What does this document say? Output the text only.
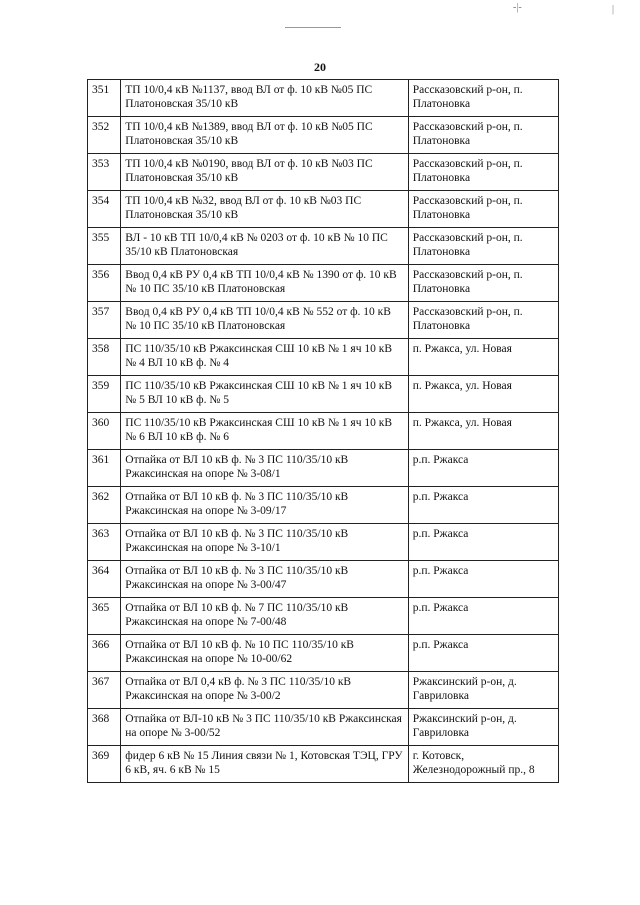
-|-	|
20
351	ТП 10/0,4 кВ №1137, ввод ВЛ от ф. 10 кВ №05 ПС Платоновская 35/10 кВ	Рассказовский р-он, п. Платоновка
352	ТП 10/0,4 кВ №1389, ввод ВЛ от ф. 10 кВ №05 ПС Платоновская 35/10 кВ	Рассказовский р-он, п. Платоновка
353	ТП 10/0,4 кВ №0190, ввод ВЛ от ф. 10 кВ №03 ПС Платоновская 35/10 кВ	Рассказовский р-он, п. Платоновка
354	ТП 10/0,4 кВ №32, ввод ВЛ от ф. 10 кВ №03 ПС Платоновская 35/10 кВ	Рассказовский р-он, п. Платоновка
355	ВЛ - 10 кВ ТП 10/0,4 кВ № 0203 от ф. 10 кВ № 10 ПС 35/10 кВ Платоновская	Рассказовский р-он, п. Платоновка
356	Ввод 0,4 кВ РУ 0,4 кВ ТП 10/0,4 кВ № 1390 от ф. 10 кВ № 10 ПС 35/10 кВ Платоновская	Рассказовский р-он, п. Платоновка
357	Ввод 0,4 кВ РУ 0,4 кВ ТП 10/0,4 кВ № 552 от ф. 10 кВ № 10 ПС 35/10 кВ Платоновская	Рассказовский р-он, п. Платоновка
358	ПС 110/35/10 кВ Ржаксинская СШ 10 кВ № 1 яч 10 кВ № 4 ВЛ 10 кВ ф. № 4	п. Ржакса, ул. Новая
359	ПС 110/35/10 кВ Ржаксинская СШ 10 кВ № 1 яч 10 кВ № 5 ВЛ 10 кВ ф. № 5	п. Ржакса, ул. Новая
360	ПС 110/35/10 кВ Ржаксинская СШ 10 кВ № 1 яч 10 кВ № 6 ВЛ 10 кВ ф. № 6	п. Ржакса, ул. Новая
361	Отпайка от ВЛ 10 кВ ф. № 3 ПС 110/35/10 кВ Ржаксинская на опоре № 3-08/1	р.п. Ржакса
362	Отпайка от ВЛ 10 кВ ф. № 3 ПС 110/35/10 кВ Ржаксинская на опоре № 3-09/17	р.п. Ржакса
363	Отпайка от ВЛ 10 кВ ф. № 3 ПС 110/35/10 кВ Ржаксинская на опоре № 3-10/1	р.п. Ржакса
364	Отпайка от ВЛ 10 кВ ф. № 3 ПС 110/35/10 кВ Ржаксинская на опоре № 3-00/47	р.п. Ржакса
365	Отпайка от ВЛ 10 кВ ф. № 7 ПС 110/35/10 кВ Ржаксинская на опоре № 7-00/48	р.п. Ржакса
366	Отпайка от ВЛ 10 кВ ф. № 10 ПС 110/35/10 кВ Ржаксинская на опоре № 10-00/62	р.п. Ржакса
367	Отпайка от ВЛ 0,4 кВ ф. № 3 ПС 110/35/10 кВ Ржаксинская на опоре № 3-00/2	Ржаксинский р-он, д. Гавриловка
368	Отпайка от ВЛ-10 кВ № 3 ПС 110/35/10 кВ Ржаксинская на опоре № 3-00/52	Ржаксинский р-он, д. Гавриловка
369	фидер 6 кВ № 15 Линия связи № 1, Котовская ТЭЦ, ГРУ 6 кВ, яч. 6 кВ № 15	г. Котовск, Железнодорожный пр., 8
